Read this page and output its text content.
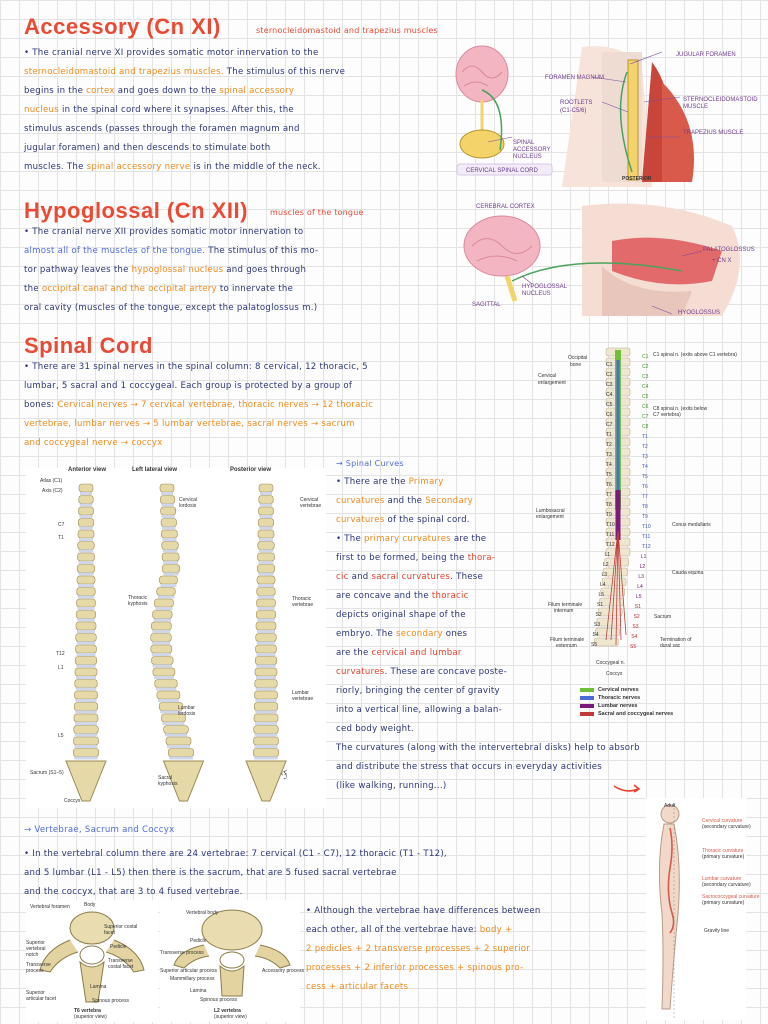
Accessory (Cn XI)	sternocleidomastoid and trapezius muscles
• The cranial nerve XI provides somatic motor innervation to the
sternocleidomastoid and trapezius muscles. The stimulus of this nerve
begins in the cortex and goes down to the spinal accessory
nucleus in the spinal cord where it synapses. After this, the
stimulus ascends (passes through the foramen magnum and
jugular foramen) and then descends to stimulate both
muscles. The spinal accessory nerve is in the middle of the neck.
JUGULAR FORAMEN
FORAMEN MAGNUM
ROOTLETS
(C1-C5/6)
STERNOCLEIDOMASTOID
MUSCLE
TRAPEZIUS MUSCLE
SPINAL
ACCESSORY
NUCLEUS
CERVICAL SPINAL CORD
POSTERIOR
Hypoglossal (Cn XII)	muscles of the tongue
• The cranial nerve XII provides somatic motor innervation to
almost all of the muscles of the tongue. The stimulus of this mo-
tor pathway leaves the hypoglossal nucleus and goes through
the occipital canal and the occipital artery to innervate the
oral cavity (muscles of the tongue, except the palatoglossus m.)
CEREBRAL CORTEX
PALATOGLOSSUS
+ CN X
HYPOGLOSSAL
NUCLEUS
SAGITTAL
HYOGLOSSUS
Spinal Cord
• There are 31 spinal nerves in the spinal column: 8 cervical, 12 thoracic, 5
lumbar, 5 sacral and 1 coccygeal. Each group is protected by a group of
bones: Cervical nerves → 7 cervical vertebrae, thoracic nerves → 12 thoracic
vertebrae, lumbar nerves → 5 lumbar vertebrae, sacral nerves → sacrum
and coccygeal nerve → coccyx
Anterior view	Left lateral view	Posterior view
Atlas (C1)
Axis (C2)
C7
T1
T12
L1
L5
Sacrum (S1–5)
Coccyx
Cervical lordosis
Thoracic kyphosis
Lumbar lordosis
Sacral kyphosis
Cervical vertebrae
Thoracic vertebrae
Lumbar vertebrae
→ Spinal Curves
• There are the Primary
curvatures and the Secondary
curvatures of the spinal cord.
• The primary curvatures are the
first to be formed, being the thora-
cic and sacral curvatures. These
are concave and the thoracic
depicts original shape of the
embryo. The secondary ones
are the cervical and lumbar
curvatures. These are concave poste-
riorly, bringing the center of gravity
into a vertical line, allowing a balan-
ced body weight.
The curvatures (along with the intervertebral disks) help to absorb
and distribute the stress that occurs in everyday activities
(like walking, running...)
Occipital
bone
Cervical
enlargement
C1 spinal n. (exits above C1 vertebra)
C8 spinal n. (exits below
C7 vertebra)
Lumbosacral
enlargement
Conus medullaris
Cauda equina
Filum terminale
internum
Filum terminale
externum
Sacrum
Termination of
dural sac
Coccygeal n.
Coccyx
C1
C2
C3
C4
C5
C6
C7
C8
T1
T2
T3
T4
T5
T6
T7
T8
T9
T10
T11
T12
L1
L2
L3
L4
L5
S1
S2
S3
S4
S5
C1
C2
C3
C4
C5
C6
C7
T1
T2
T3
T4
T5
T6
T7
T8
T9
T10
T11
T12
L1
L2
L3
L4
L5
S1
S2
S3
S4
S5
Cervical nerves
Thoracic nerves
Lumbar nerves
Sacral and coccygeal nerves
ℱ
→ Vertebrae, Sacrum and Coccyx
• In the vertebral column there are 24 vertebrae: 7 cervical (C1 - C7), 12 thoracic (T1 - T12),
and 5 lumbar (L1 - L5) then there is the sacrum, that are 5 fused sacral vertebrae
and the coccyx, that are 3 to 4 fused vertebrae.
• Although the vertebrae have differences between
each other, all of the vertebrae have: body +
2 pedicles + 2 transverse processes + 2 superior
processes + 2 inferior processes + spinous pro-
cess + articular facets
Vertebral foramen	Body
Superior costal facet
Pedicle
Superior vertebral notch
Transverse costal facet
Transverse process
Lamina
Superior articular facet	Spinous process
T6 vertebra
(superior view)
Vertebral body
Pedicle
Transverse process
Superior articular process
Mammillary process
Accessory process
Lamina
Spinous process
L2 vertebra
(superior view)
Adult
Cervical curvature
(secondary curvature)
Thoracic curvature
(primary curvature)
Lumbar curvature
(secondary curvature)
Sacrococcygeal curvature
(primary curvature)
Gravity line
